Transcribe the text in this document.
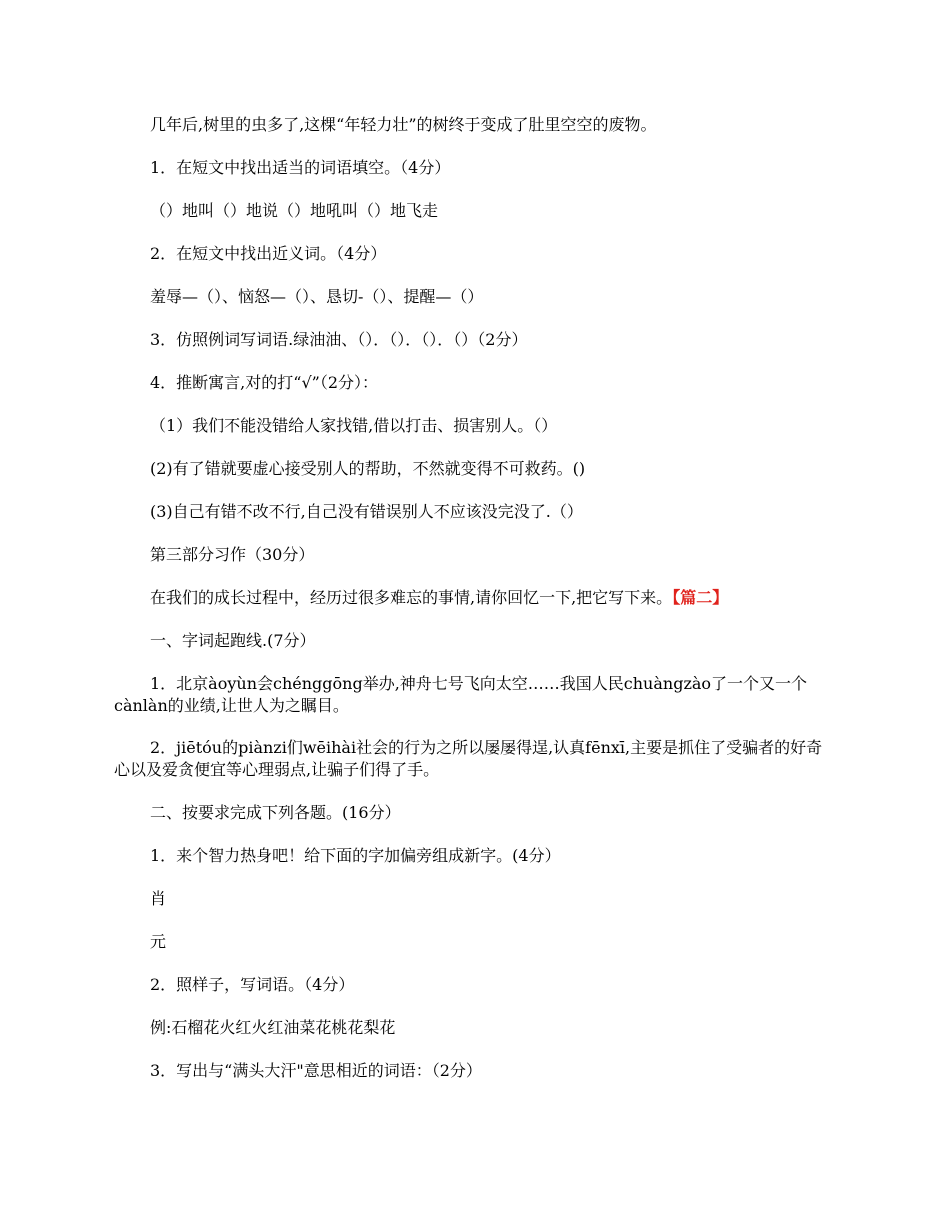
几年后,树里的虫多了,这棵“年轻力壮”的树终于变成了肚里空空的废物。
1．在短文中找出适当的词语填空。（4分）
（）地叫（）地说（）地吼叫（）地飞走
2．在短文中找出近义词。（4分）
羞辱—（）、恼怒—（）、恳切-（）、提醒—（）
3．仿照例词写词语.绿油油、（）．（）．（）．（）（2分）
4．推断寓言,对的打“√”（2分）：
（1）我们不能没错给人家找错,借以打击、损害别人。（）
(2)有了错就要虚心接受别人的帮助，不然就变得不可救药。()
(3)自己有错不改不行,自己没有错误别人不应该没完没了.（）
第三部分习作（30分）
在我们的成长过程中，经历过很多难忘的事情,请你回忆一下,把它写下来。【篇二】
一、字词起跑线.(7分）
1．北京àoyùn会chénggōng举办,神舟七号飞向太空……我国人民chuàngzào了一个又一个cànlàn的业绩,让世人为之瞩目。
2．jiētóu的piànzi们wēihài社会的行为之所以屡屡得逞,认真fēnxī,主要是抓住了受骗者的好奇心以及爱贪便宜等心理弱点,让骗子们得了手。
二、按要求完成下列各题。(16分）
1．来个智力热身吧！给下面的字加偏旁组成新字。(4分）
肖
元
2．照样子，写词语。（4分）
例:石榴花火红火红油菜花桃花梨花
3．写出与“满头大汗"意思相近的词语：（2分）
